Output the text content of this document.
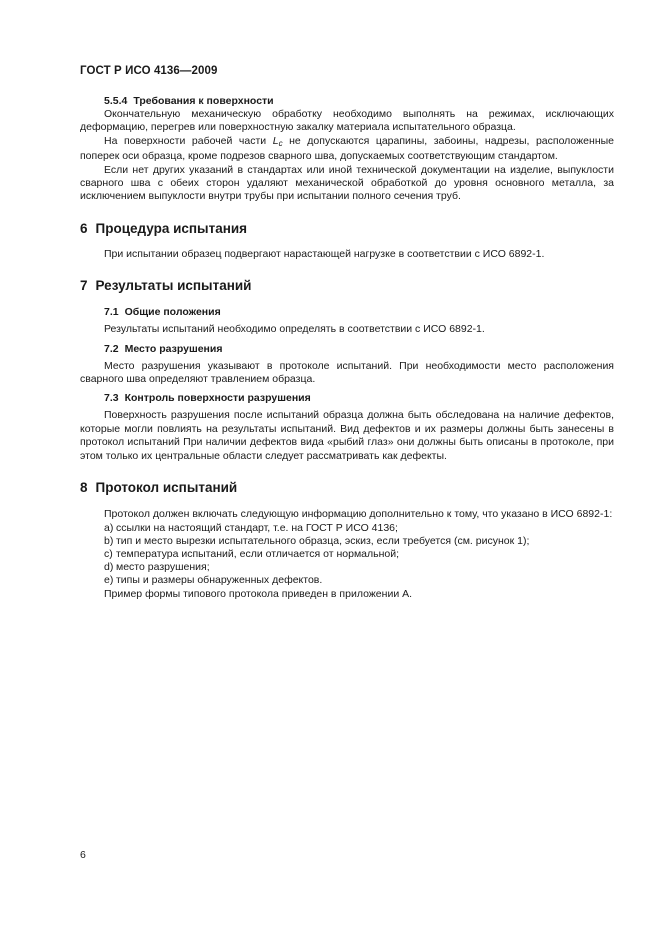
ГОСТ Р ИСО 4136—2009

5.5.4 Требования к поверхности

Окончательную механическую обработку необходимо выполнять на режимах, исключающих деформацию, перегрев или поверхностную закалку материала испытательного образца.

На поверхности рабочей части $L_c$ не допускаются царапины, забоины, надрезы, расположенные поперек оси образца, кроме подрезов сварного шва, допускаемых соответствующим стандартом.

Если нет других указаний в стандартах или иной технической документации на изделие, выпуклости сварного шва с обеих сторон удаляют механической обработкой до уровня основного металла, за исключением выпуклости внутри трубы при испытании полного сечения труб.

6 Процедура испытания

При испытании образец подвергают нарастающей нагрузке в соответствии с ИСО 6892-1.

7 Результаты испытаний

7.1 Общие положения

Результаты испытаний необходимо определять в соответствии с ИСО 6892-1.

7.2 Место разрушения

Место разрушения указывают в протоколе испытаний. При необходимости место расположения сварного шва определяют травлением образца.

7.3 Контроль поверхности разрушения

Поверхность разрушения после испытаний образца должна быть обследована на наличие дефектов, которые могли повлиять на результаты испытаний. Вид дефектов и их размеры должны быть занесены в протокол испытаний При наличии дефектов вида «рыбий глаз» они должны быть описаны в протоколе, при этом только их центральные области следует рассматривать как дефекты.

8 Протокол испытаний

Протокол должен включать следующую информацию дополнительно к тому, что указано в ИСО 6892-1:

a) ссылки на настоящий стандарт, т.е. на ГОСТ Р ИСО 4136;

b) тип и место вырезки испытательного образца, эскиз, если требуется (см. рисунок 1);

c) температура испытаний, если отличается от нормальной;

d) место разрушения;

e) типы и размеры обнаруженных дефектов.

Пример формы типового протокола приведен в приложении А.

6
